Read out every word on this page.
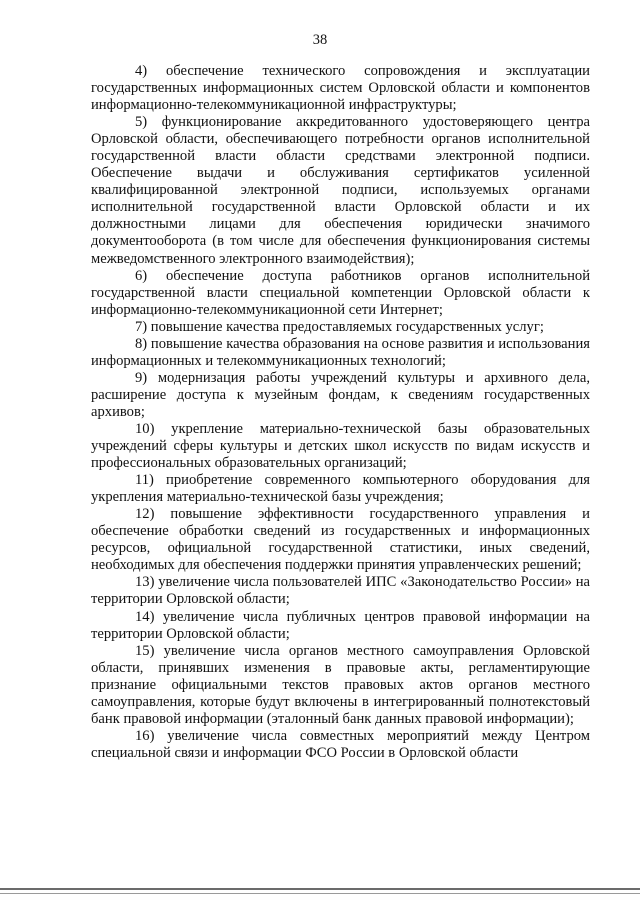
38

4) обеспечение технического сопровождения и эксплуатации государственных информационных систем Орловской области и компонентов информационно-телекоммуникационной инфраструктуры;

5) функционирование аккредитованного удостоверяющего центра Орловской области, обеспечивающего потребности органов исполнительной государственной власти области средствами электронной подписи. Обеспечение выдачи и обслуживания сертификатов усиленной квалифицированной электронной подписи, используемых органами исполнительной государственной власти Орловской области и их должностными лицами для обеспечения юридически значимого документооборота (в том числе для обеспечения функционирования системы межведомственного электронного взаимодействия);

6) обеспечение доступа работников органов исполнительной государственной власти специальной компетенции Орловской области к информационно-телекоммуникационной сети Интернет;

7) повышение качества предоставляемых государственных услуг;

8) повышение качества образования на основе развития и использования информационных и телекоммуникационных технологий;

9) модернизация работы учреждений культуры и архивного дела, расширение доступа к музейным фондам, к сведениям государственных архивов;

10) укрепление материально-технической базы образовательных учреждений сферы культуры и детских школ искусств по видам искусств и профессиональных образовательных организаций;

11) приобретение современного компьютерного оборудования для укрепления материально-технической базы учреждения;

12) повышение эффективности государственного управления и обеспечение обработки сведений из государственных и информационных ресурсов, официальной государственной статистики, иных сведений, необходимых для обеспечения поддержки принятия управленческих решений;

13) увеличение числа пользователей ИПС «Законодательство России» на территории Орловской области;

14) увеличение числа публичных центров правовой информации на территории Орловской области;

15) увеличение числа органов местного самоуправления Орловской области, принявших изменения в правовые акты, регламентирующие признание официальными текстов правовых актов органов местного самоуправления, которые будут включены в интегрированный полнотекстовый банк правовой информации (эталонный банк данных правовой информации);

16) увеличение числа совместных мероприятий между Центром специальной связи и информации ФСО России в Орловской области
